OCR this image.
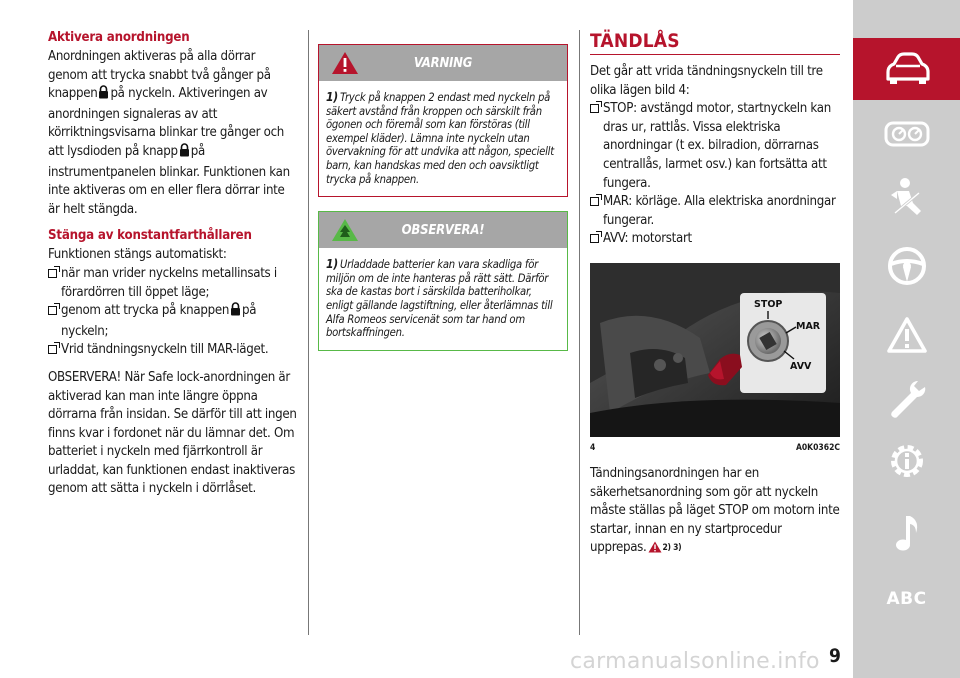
Aktivera anordningen

Anordningen aktiveras på alla dörrar genom att trycka snabbt två gånger på knappen på nyckeln. Aktiveringen av anordningen signaleras av att körriktningsvisarna blinkar tre gånger och att lysdioden på knapp på instrumentpanelen blinkar. Funktionen kan inte aktiveras om en eller flera dörrar inte är helt stängda.

Stänga av konstantfarthållaren
Funktionen stängs automatiskt:
när man vrider nyckelns metallinsats i förardörren till öppet läge;
genom att trycka på knappen på nyckeln;
Vrid tändningsnyckeln till MAR-läget.

OBSERVERA! När Safe lock-anordningen är aktiverad kan man inte längre öppna dörrarna från insidan. Se därför till att ingen finns kvar i fordonet när du lämnar det. Om batteriet i nyckeln med fjärrkontroll är urladdat, kan funktionen endast inaktiveras genom att sätta i nyckeln i dörrlåset.

VARNING
1) Tryck på knappen 2 endast med nyckeln på säkert avstånd från kroppen och särskilt från ögonen och föremål som kan förstöras (till exempel kläder). Lämna inte nyckeln utan övervakning för att undvika att någon, speciellt barn, kan handskas med den och oavsiktligt trycka på knappen.
OBSERVERA!
1) Urladdade batterier kan vara skadliga för miljön om de inte hanteras på rätt sätt. Därför ska de kastas bort i särskilda batteriholkar, enligt gällande lagstiftning, eller återlämnas till Alfa Romeos servicenät som tar hand om bortskaffningen.
TÄNDLÅS
Det går att vrida tändningsnyckeln till tre olika lägen bild 4:
STOP: avstängd motor, startnyckeln kan dras ur, rattlås. Vissa elektriska anordningar (t ex. bilradion, dörrarnas centrallås, larmet osv.) kan fortsätta att fungera.
MAR: körläge. Alla elektriska anordningar fungerar.
AVV: motorstart
STOP
MAR
AVV
4	A0K0362C

Tändningsanordningen har en säkerhetsanordning som gör att nyckeln måste ställas på läget STOP om motorn inte startar, innan en ny startprocedur upprepas. 2) 3)

ABC
carmanualsonline.info 9
